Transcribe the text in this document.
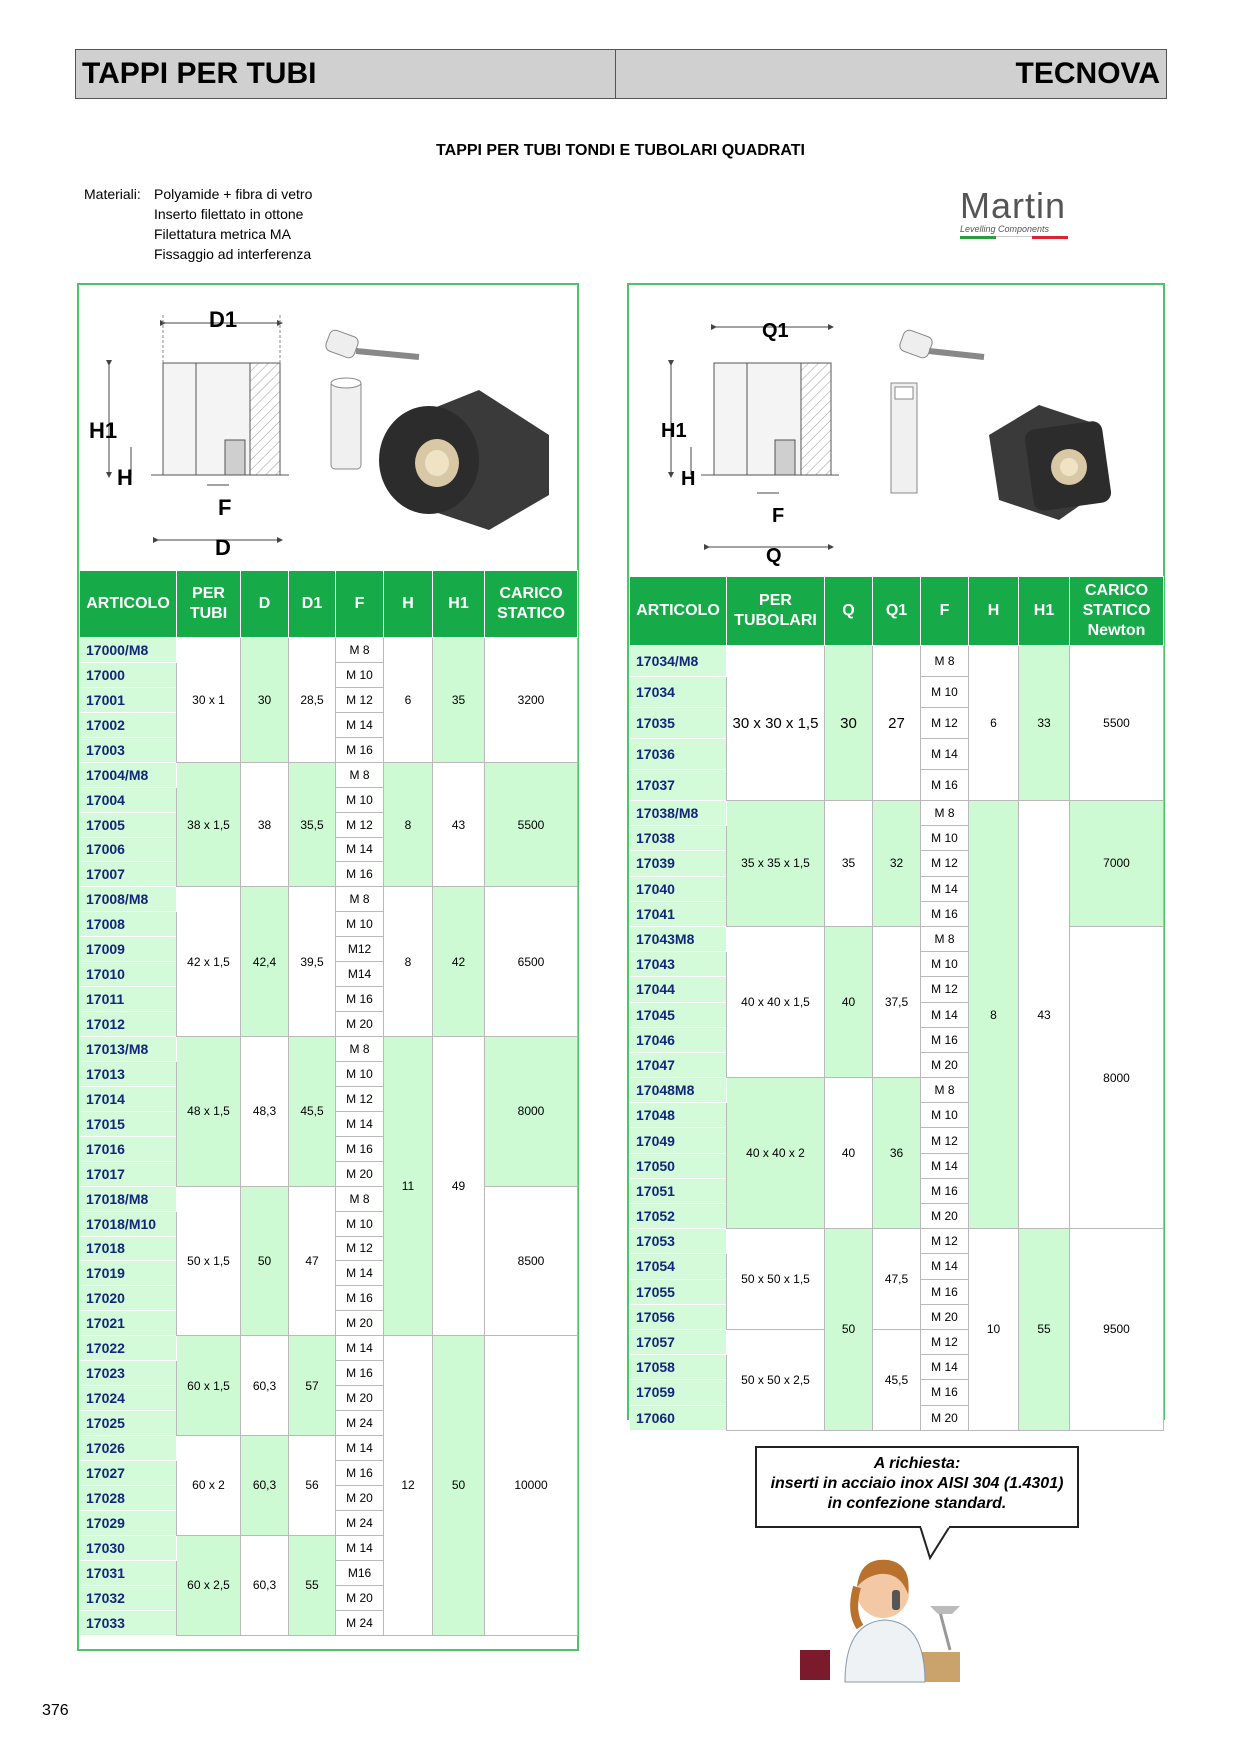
TAPPI PER TUBI	TECNOVA
TAPPI PER TUBI TONDI E TUBOLARI QUADRATI
Materiali: Polyamide + fibra di vetro
Inserto filettato in ottone
Filettatura metrica MA
Fissaggio ad interferenza
Martin
Levelling Components
D1
H1
H
F
D
ARTICOLO	PER TUBI	D	D1	F	H	H1	CARICO STATICO
17000/M8	30 x 1	30	28,5	M 8	6	35	3200
17000				M 10			
17001				M 12			
17002				M 14			
17003				M 16			
17004/M8	38 x 1,5	38	35,5	M 8	8	43	5500
17004				M 10			
17005				M 12			
17006				M 14			
17007				M 16			
17008/M8	42 x 1,5	42,4	39,5	M 8	8	42	6500
17008				M 10			
17009				M12			
17010				M14			
17011				M 16			
17012				M 20			
17013/M8	48 x 1,5	48,3	45,5	M 8	11	49	8000
17013				M 10			
17014				M 12			
17015				M 14			
17016				M 16			
17017				M 20			
17018/M8	50 x 1,5	50	47	M 8			8500
17018/M10				M 10			
17018				M 12			
17019				M 14			
17020				M 16			
17021				M 20			
17022	60 x 1,5	60,3	57	M 14	12	50	10000
17023				M 16			
17024				M 20			
17025				M 24			
17026	60 x 2	60,3	56	M 14			
17027				M 16			
17028				M 20			
17029				M 24			
17030	60 x 2,5	60,3	55	M 14			
17031				M16			
17032				M 20			
17033				M 24			
Q1
H1
H
F
Q
ARTICOLO	PER TUBOLARI	Q	Q1	F	H	H1	CARICO STATICO Newton
17034/M8	30 x 30 x 1,5	30	27	M 8	6	33	5500
17034				M 10			
17035				M 12			
17036				M 14			
17037				M 16			
17038/M8	35 x 35 x 1,5	35	32	M 8	8	43	7000
17038				M 10			
17039				M 12			
17040				M 14			
17041				M 16			
17043M8	40 x 40 x 1,5	40	37,5	M 8			8000
17043				M 10			
17044				M 12			
17045				M 14			
17046				M 16			
17047				M 20			
17048M8	40 x 40 x 2	40	36	M 8			
17048				M 10			
17049				M 12			
17050				M 14			
17051				M 16			
17052				M 20			
17053	50 x 50 x 1,5	50	47,5	M 12	10	55	9500
17054				M 14			
17055				M 16			
17056				M 20			
17057	50 x 50 x 2,5		45,5	M 12			
17058				M 14			
17059				M 16			
17060				M 20			
A richiesta:
inserti in acciaio inox AISI 304 (1.4301)
in confezione standard.
376
